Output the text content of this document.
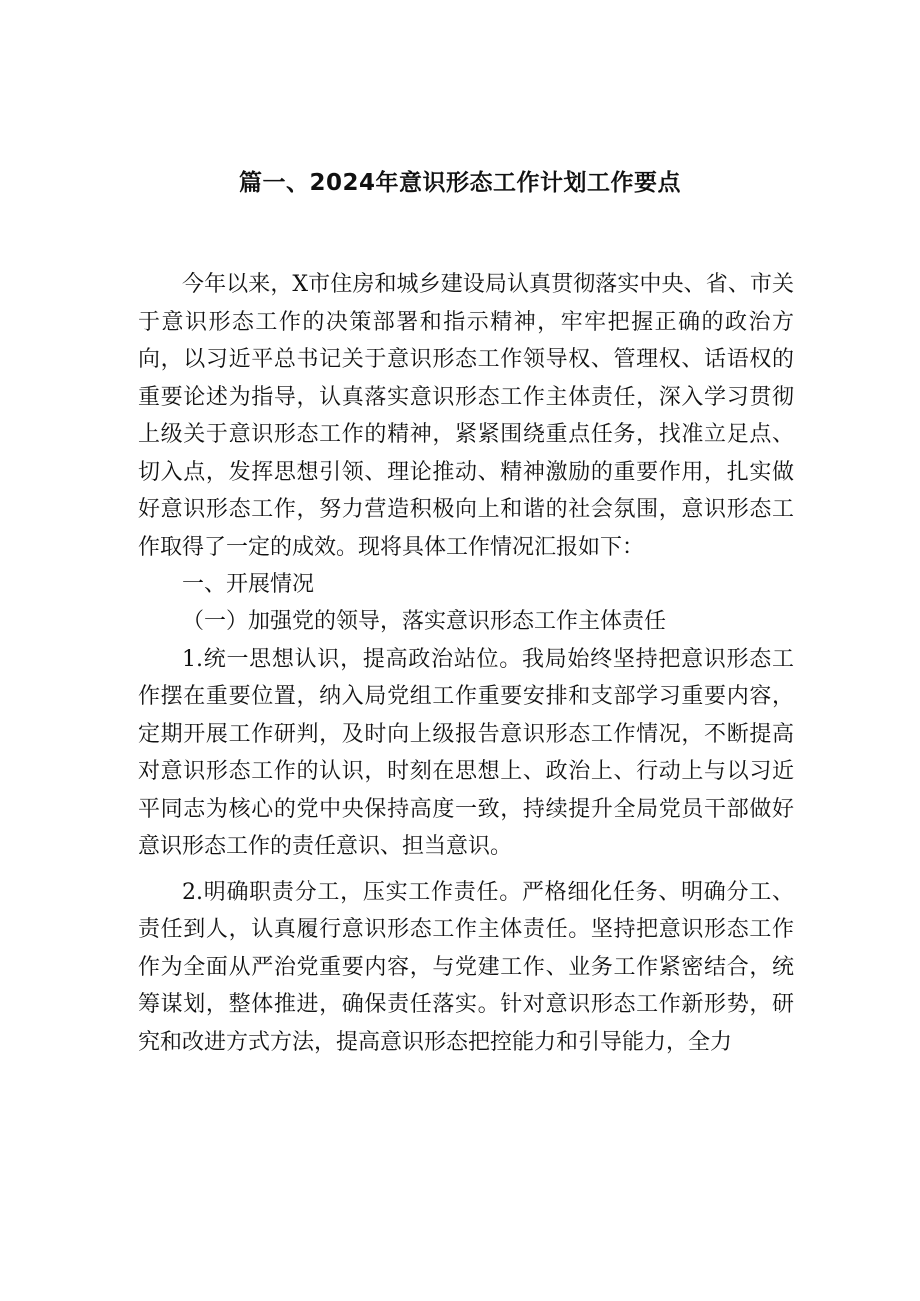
篇一、2024年意识形态工作计划工作要点

今年以来，X市住房和城乡建设局认真贯彻落实中央、省、市关于意识形态工作的决策部署和指示精神，牢牢把握正确的政治方向，以习近平总书记关于意识形态工作领导权、管理权、话语权的重要论述为指导，认真落实意识形态工作主体责任，深入学习贯彻上级关于意识形态工作的精神，紧紧围绕重点任务，找准立足点、切入点，发挥思想引领、理论推动、精神激励的重要作用，扎实做好意识形态工作，努力营造积极向上和谐的社会氛围，意识形态工作取得了一定的成效。现将具体工作情况汇报如下：

一、开展情况

（一）加强党的领导，落实意识形态工作主体责任

1.统一思想认识，提高政治站位。我局始终坚持把意识形态工作摆在重要位置，纳入局党组工作重要安排和支部学习重要内容，定期开展工作研判，及时向上级报告意识形态工作情况，不断提高对意识形态工作的认识，时刻在思想上、政治上、行动上与以习近平同志为核心的党中央保持高度一致，持续提升全局党员干部做好意识形态工作的责任意识、担当意识。

2.明确职责分工，压实工作责任。严格细化任务、明确分工、责任到人，认真履行意识形态工作主体责任。坚持把意识形态工作作为全面从严治党重要内容，与党建工作、业务工作紧密结合，统筹谋划，整体推进，确保责任落实。针对意识形态工作新形势，研究和改进方式方法，提高意识形态把控能力和引导能力，全力
